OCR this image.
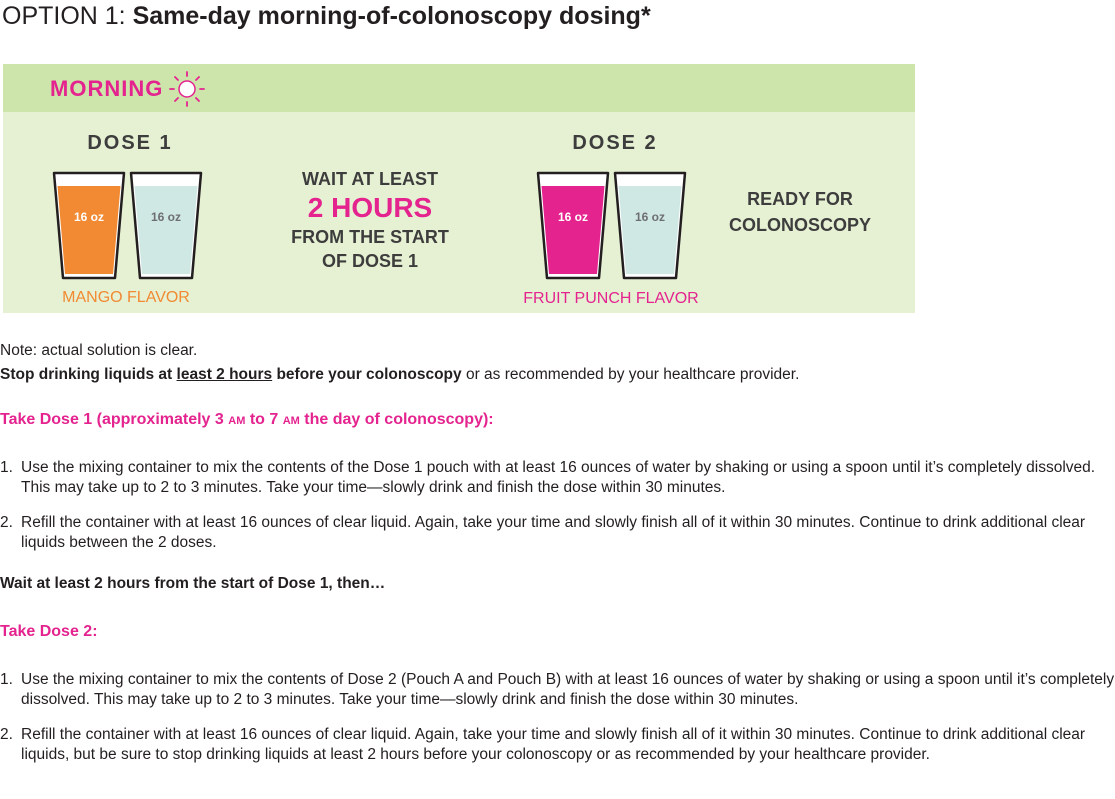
OPTION 1: Same-day morning-of-colonoscopy dosing*
MORNING
DOSE 1
16 oz	16 oz
MANGO FLAVOR
WAIT AT LEAST
2 HOURS
FROM THE START
OF DOSE 1
DOSE 2
16 oz	16 oz
FRUIT PUNCH FLAVOR
READY FOR
COLONOSCOPY
Note: actual solution is clear.
Stop drinking liquids at least 2 hours before your colonoscopy or as recommended by your healthcare provider.
Take Dose 1 (approximately 3 AM to 7 AM the day of colonoscopy):
1. Use the mixing container to mix the contents of the Dose 1 pouch with at least 16 ounces of water by shaking or using a spoon until it’s completely dissolved. This may take up to 2 to 3 minutes. Take your time—slowly drink and finish the dose within 30 minutes.
2. Refill the container with at least 16 ounces of clear liquid. Again, take your time and slowly finish all of it within 30 minutes. Continue to drink additional clear liquids between the 2 doses.
Wait at least 2 hours from the start of Dose 1, then…
Take Dose 2:
1. Use the mixing container to mix the contents of Dose 2 (Pouch A and Pouch B) with at least 16 ounces of water by shaking or using a spoon until it’s completely dissolved. This may take up to 2 to 3 minutes. Take your time—slowly drink and finish the dose within 30 minutes.
2. Refill the container with at least 16 ounces of clear liquid. Again, take your time and slowly finish all of it within 30 minutes. Continue to drink additional clear liquids, but be sure to stop drinking liquids at least 2 hours before your colonoscopy or as recommended by your healthcare provider.
